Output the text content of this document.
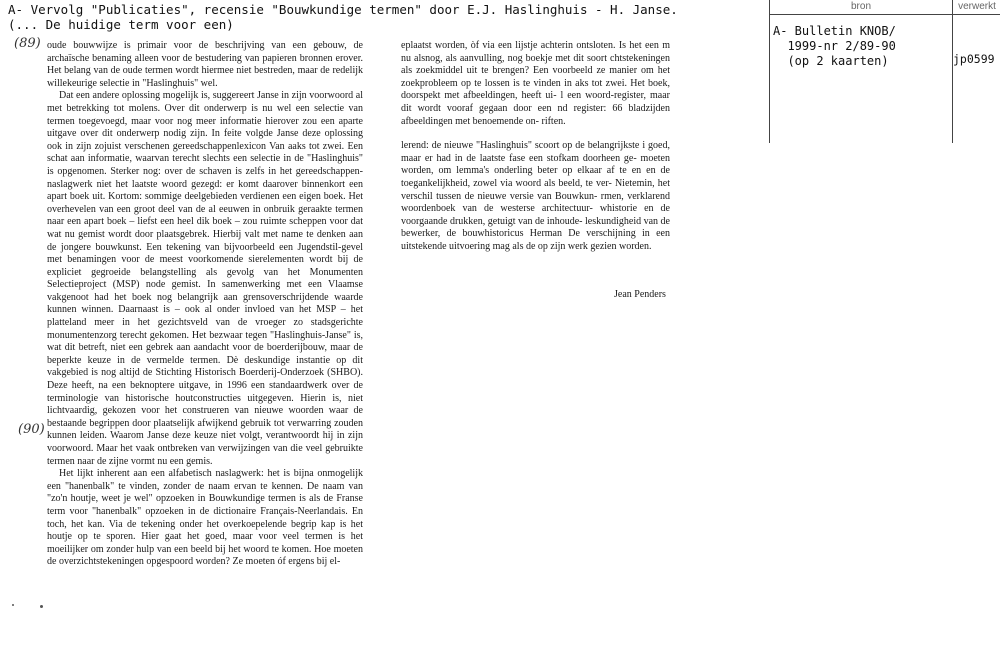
A- Vervolg "Publicaties", recensie "Bouwkundige termen" door E.J. Haslinghuis - H. Janse.
(... De huidige term voor een)
(89)
(90)

oude bouwwijze is primair voor de beschrijving van een gebouw, de archaïsche benaming alleen voor de bestudering van papieren bronnen erover. Het belang van de oude termen wordt hiermee niet bestreden, maar de redelijk willekeurige selectie in "Haslinghuis" wel.

Dat een andere oplossing mogelijk is, suggereert Janse in zijn voorwoord al met betrekking tot molens. Over dit onderwerp is nu wel een selectie van termen toegevoegd, maar voor nog meer informatie hierover zou een aparte uitgave over dit onderwerp nodig zijn. In feite volgde Janse deze oplossing ook in zijn zojuist verschenen gereedschappenlexicon Van aaks tot zwei. Een schat aan informatie, waarvan terecht slechts een selectie in de "Haslinghuis" is opgenomen. Sterker nog: over de schaven is zelfs in het gereedschappen-naslagwerk niet het laatste woord gezegd: er komt daarover binnenkort een apart boek uit. Kortom: sommige deelgebieden verdienen een eigen boek. Het overhevelen van een groot deel van de al eeuwen in onbruik geraakte termen naar een apart boek – liefst een heel dik boek – zou ruimte scheppen voor dat wat nu gemist wordt door plaatsgebrek. Hierbij valt met name te denken aan de jongere bouwkunst. Een tekening van bijvoorbeeld een Jugendstil-gevel met benamingen voor de meest voorkomende sierelementen wordt bij de expliciet gegroeide belangstelling als gevolg van het Monumenten Selectieproject (MSP) node gemist. In samenwerking met een Vlaamse vakgenoot had het boek nog belangrijk aan grensoverschrijdende waarde kunnen winnen. Daarnaast is – ook al onder invloed van het MSP – het platteland meer in het gezichtsveld van de vroeger zo stadsgerichte monumentenzorg terecht gekomen. Het bezwaar tegen "Haslinghuis-Janse" is, wat dit betreft, niet een gebrek aan aandacht voor de boerderijbouw, maar de beperkte keuze in de vermelde termen. Dè deskundige instantie op dit vakgebied is nog altijd de Stichting Historisch Boerderij-Onderzoek (SHBO). Deze heeft, na een beknoptere uitgave, in 1996 een standaardwerk over de terminologie van historische houtconstructies uitgegeven. Hierin is, niet lichtvaardig, gekozen voor het construeren van nieuwe woorden waar de bestaande begrippen door plaatselijk afwijkend gebruik tot verwarring zouden kunnen leiden. Waarom Janse deze keuze niet volgt, verantwoordt hij in zijn voorwoord. Maar het vaak ontbreken van verwijzingen van die veel gebruikte termen naar de zijne vormt nu een gemis.

Het lijkt inherent aan een alfabetisch naslagwerk: het is bijna onmogelijk een "hanenbalk" te vinden, zonder de naam ervan te kennen. De naam van "zo'n houtje, weet je wel" opzoeken in Bouwkundige termen is als de Franse term voor "hanenbalk" opzoeken in de dictionaire Français-Neerlandais. En toch, het kan. Via de tekening onder het overkoepelende begrip kap is het houtje op te sporen. Hier gaat het goed, maar voor veel termen is het moeilijker om zonder hulp van een beeld bij het woord te komen. Hoe moeten de overzichtstekeningen opgespoord worden? Ze moeten óf ergens bij el-

eplaatst worden, òf via een lijstje achterin ontsloten. Is het een m nu alsnog, als aanvulling, nog boekje met dit soort chtstekeningen als zoekmiddel uit te brengen? Een voorbeeld ze manier om het zoekprobleem op te lossen is te vinden in aks tot zwei. Het boek, doorspekt met afbeeldingen, heeft ui- l een woord-register, maar dit wordt vooraf gegaan door een nd register: 66 bladzijden afbeeldingen met benoemende on- riften.

lerend: de nieuwe "Haslinghuis" scoort op de belangrijkste i goed, maar er had in de laatste fase een stofkam doorheen ge- moeten worden, om lemma's onderling beter op elkaar af te en en de toegankelijkheid, zowel via woord als beeld, te ver- Nietemin, het verschil tussen de nieuwe versie van Bouwkun- rmen, verklarend woordenboek van de westerse architectuur- whistorie en de voorgaande drukken, getuigt van de inhoude- leskundigheid van de bewerker, de bouwhistoricus Herman De verschijning in een uitstekende uitvoering mag als de op zijn werk gezien worden.

Jean Penders
bron	verwerkt
A- Bulletin KNOB/
1999-nr 2/89-90
(op 2 kaarten)	jp0599
